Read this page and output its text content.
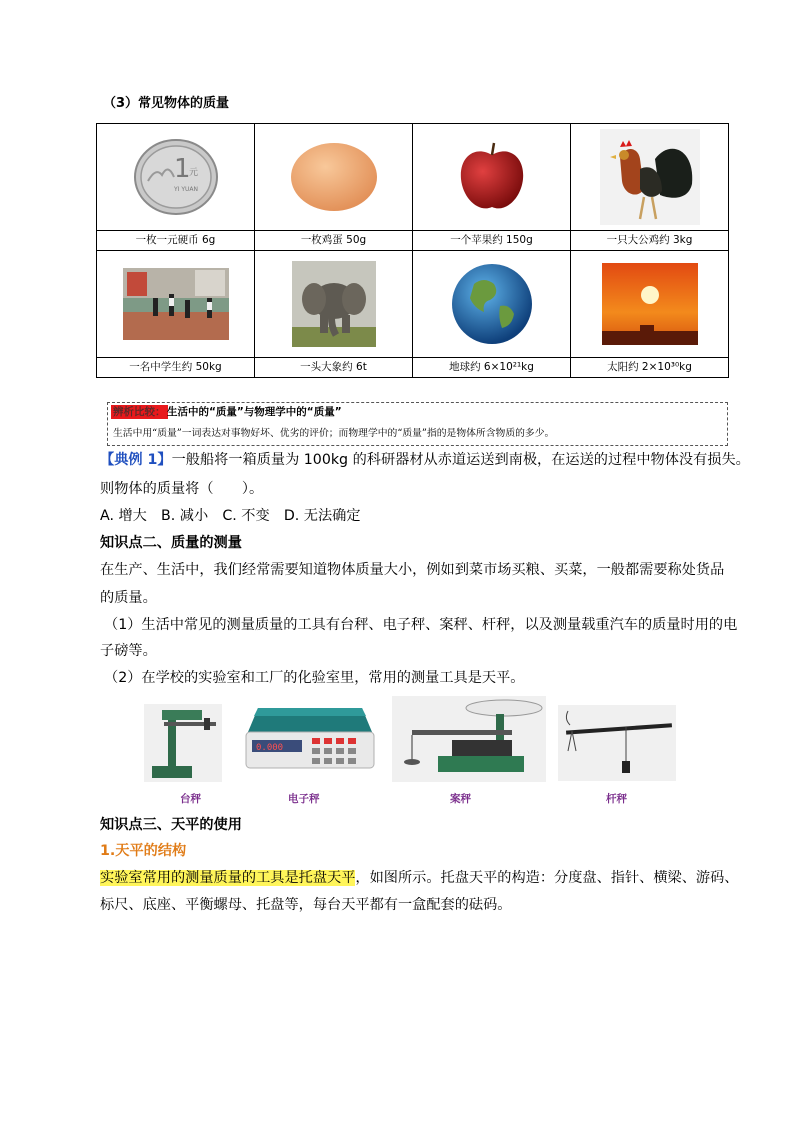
（3）常见物体的质量
1
元
YI YUAN

一枚一元硬币 6g	一枚鸡蛋 50g	一个苹果约 150g	一只大公鸡约 3kg

一名中学生约 50kg	一头大象约 6t	地球约 6×10²¹kg	太阳约 2×10³⁰kg
辨析比较： 生活中的“质量”与物理学中的“质量”
生活中用“质量”一词表达对事物好坏、优劣的评价；而物理学中的“质量”指的是物体所含物质的多少。
【典例 1】一般船将一箱质量为 100kg 的科研器材从赤道运送到南极，在运送的过程中物体没有损失。
则物体的质量将（　　）。
A. 增大　B. 减小　C. 不变　D. 无法确定
知识点二、质量的测量
在生产、生活中，我们经常需要知道物体质量大小，例如到菜市场买粮、买菜，一般都需要称处货品
的质量。
（1）生活中常见的测量质量的工具有台秤、电子秤、案秤、杆秤，以及测量载重汽车的质量时用的电
子磅等。
（2）在学校的实验室和工厂的化验室里，常用的测量工具是天平。
0.000
台秤	电子秤	案秤	杆秤
知识点三、天平的使用
1.天平的结构
实验室常用的测量质量的工具是托盘天平，如图所示。托盘天平的构造：分度盘、指针、横梁、游码、
标尺、底座、平衡螺母、托盘等，每台天平都有一盒配套的砝码。
